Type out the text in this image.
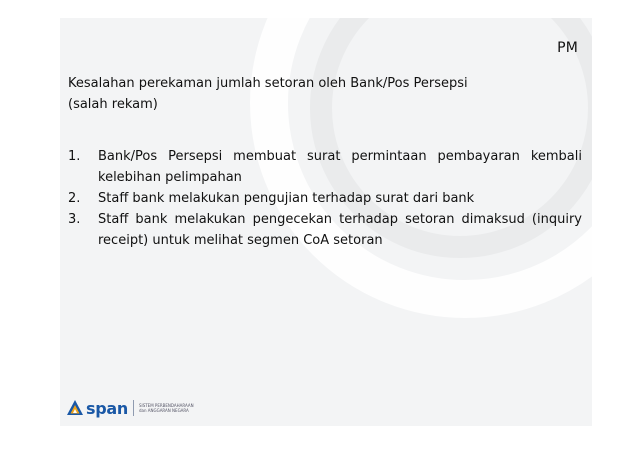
PM
Kesalahan perekaman jumlah setoran oleh Bank/Pos Persepsi
(salah rekam)
1.	Bank/Pos Persepsi membuat surat permintaan pembayaran kembali kelebihan pelimpahan
2.	Staff bank melakukan pengujian terhadap surat dari bank
3.	Staff bank melakukan pengecekan terhadap setoran dimaksud (inquiry receipt) untuk melihat segmen CoA setoran
span	SISTEM PERBENDAHARAAN
dan ANGGARAN NEGARA
